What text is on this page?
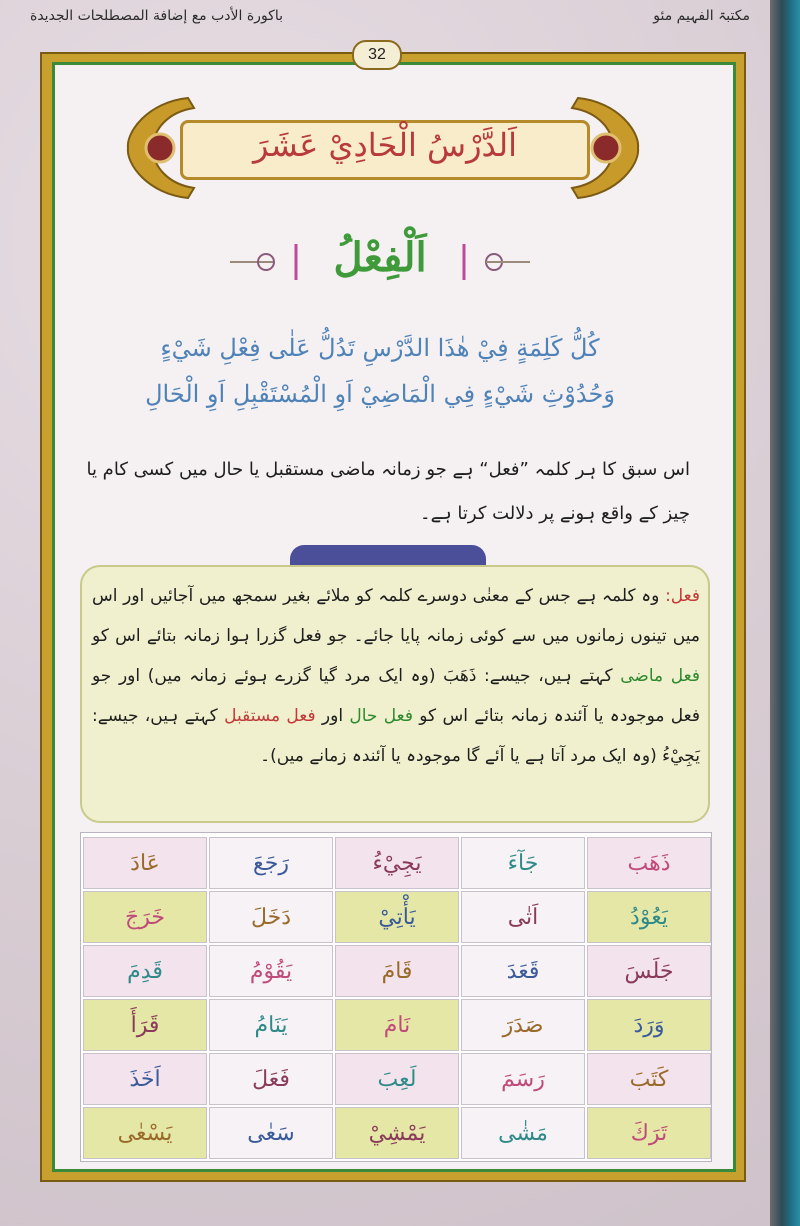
مکتبۃ الفہیم مئو
باكورة الأدب مع إضافة المصطلحات الجديدة
32
اَلدَّرْسُ الْحَادِيْ عَشَرَ
اَلْفِعْلُ
كُلُّ كَلِمَةٍ فِيْ هٰذَا الدَّرْسِ تَدُلُّ عَلٰى فِعْلِ شَيْءٍ
وَحُدُوْثِ شَيْءٍ فِي الْمَاضِيْ اَوِ الْمُسْتَقْبِلِ اَوِ الْحَالِ
اس سبق کا ہر کلمہ ”فعل“ ہے جو زمانہ ماضی مستقبل یا حال میں کسی کام یا چیز کے واقع ہونے پر دلالت کرتا ہے۔
فعل: وہ کلمہ ہے جس کے معنٰی دوسرے کلمہ کو ملائے بغیر سمجھ میں آجائیں اور اس میں تینوں زمانوں میں سے کوئی زمانہ پایا جائے۔ جو فعل گزرا ہوا زمانہ بتائے اس کو فعل ماضی کہتے ہیں، جیسے: ذَهَبَ (وہ ایک مرد گیا گزرے ہوئے زمانہ میں) اور جو فعل موجودہ یا آئندہ زمانہ بتائے اس کو فعل حال اور فعل مستقبل کہتے ہیں، جیسے: يَجِيْءُ (وہ ایک مرد آتا ہے یا آئے گا موجودہ یا آئندہ زمانے میں)۔
ذَهَبَ
جَآءَ
يَجِيْءُ
رَجَعَ
عَادَ
يَعُوْدُ
اَتٰى
يَأْتِيْ
دَخَلَ
خَرَجَ
جَلَسَ
قَعَدَ
قَامَ
يَقُوْمُ
قَدِمَ
وَرَدَ
صَدَرَ
نَامَ
يَنَامُ
قَرَأَ
كَتَبَ
رَسَمَ
لَعِبَ
فَعَلَ
اَخَذَ
تَرَكَ
مَشٰى
يَمْشِيْ
سَعٰى
يَسْعٰى
